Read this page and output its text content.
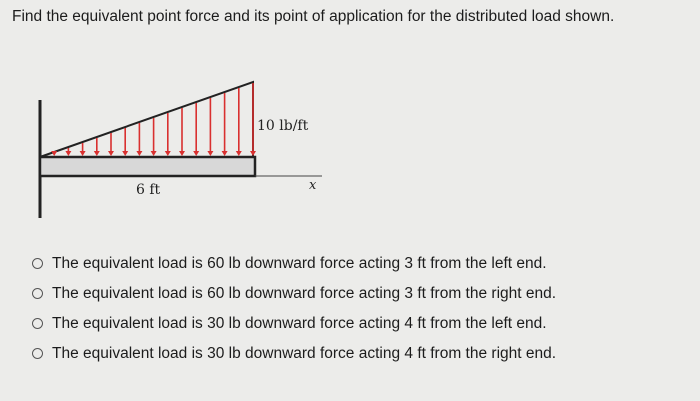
Find the equivalent point force and its point of application for the distributed load shown.
10 lb/ft
6 ft	x
The equivalent load is 60 lb downward force acting 3 ft from the left end.
The equivalent load is 60 lb downward force acting 3 ft from the right end.
The equivalent load is 30 lb downward force acting 4 ft from the left end.
The equivalent load is 30 lb downward force acting 4 ft from the right end.
